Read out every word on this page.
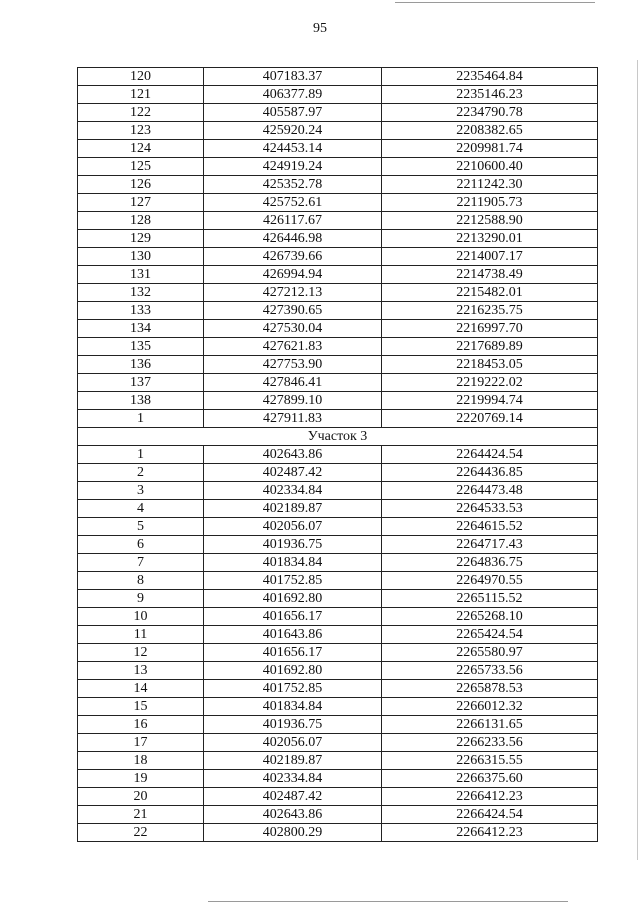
95
120	407183.37	2235464.84
121	406377.89	2235146.23
122	405587.97	2234790.78
123	425920.24	2208382.65
124	424453.14	2209981.74
125	424919.24	2210600.40
126	425352.78	2211242.30
127	425752.61	2211905.73
128	426117.67	2212588.90
129	426446.98	2213290.01
130	426739.66	2214007.17
131	426994.94	2214738.49
132	427212.13	2215482.01
133	427390.65	2216235.75
134	427530.04	2216997.70
135	427621.83	2217689.89
136	427753.90	2218453.05
137	427846.41	2219222.02
138	427899.10	2219994.74
1	427911.83	2220769.14
Участок 3		
1	402643.86	2264424.54
2	402487.42	2264436.85
3	402334.84	2264473.48
4	402189.87	2264533.53
5	402056.07	2264615.52
6	401936.75	2264717.43
7	401834.84	2264836.75
8	401752.85	2264970.55
9	401692.80	2265115.52
10	401656.17	2265268.10
11	401643.86	2265424.54
12	401656.17	2265580.97
13	401692.80	2265733.56
14	401752.85	2265878.53
15	401834.84	2266012.32
16	401936.75	2266131.65
17	402056.07	2266233.56
18	402189.87	2266315.55
19	402334.84	2266375.60
20	402487.42	2266412.23
21	402643.86	2266424.54
22	402800.29	2266412.23
